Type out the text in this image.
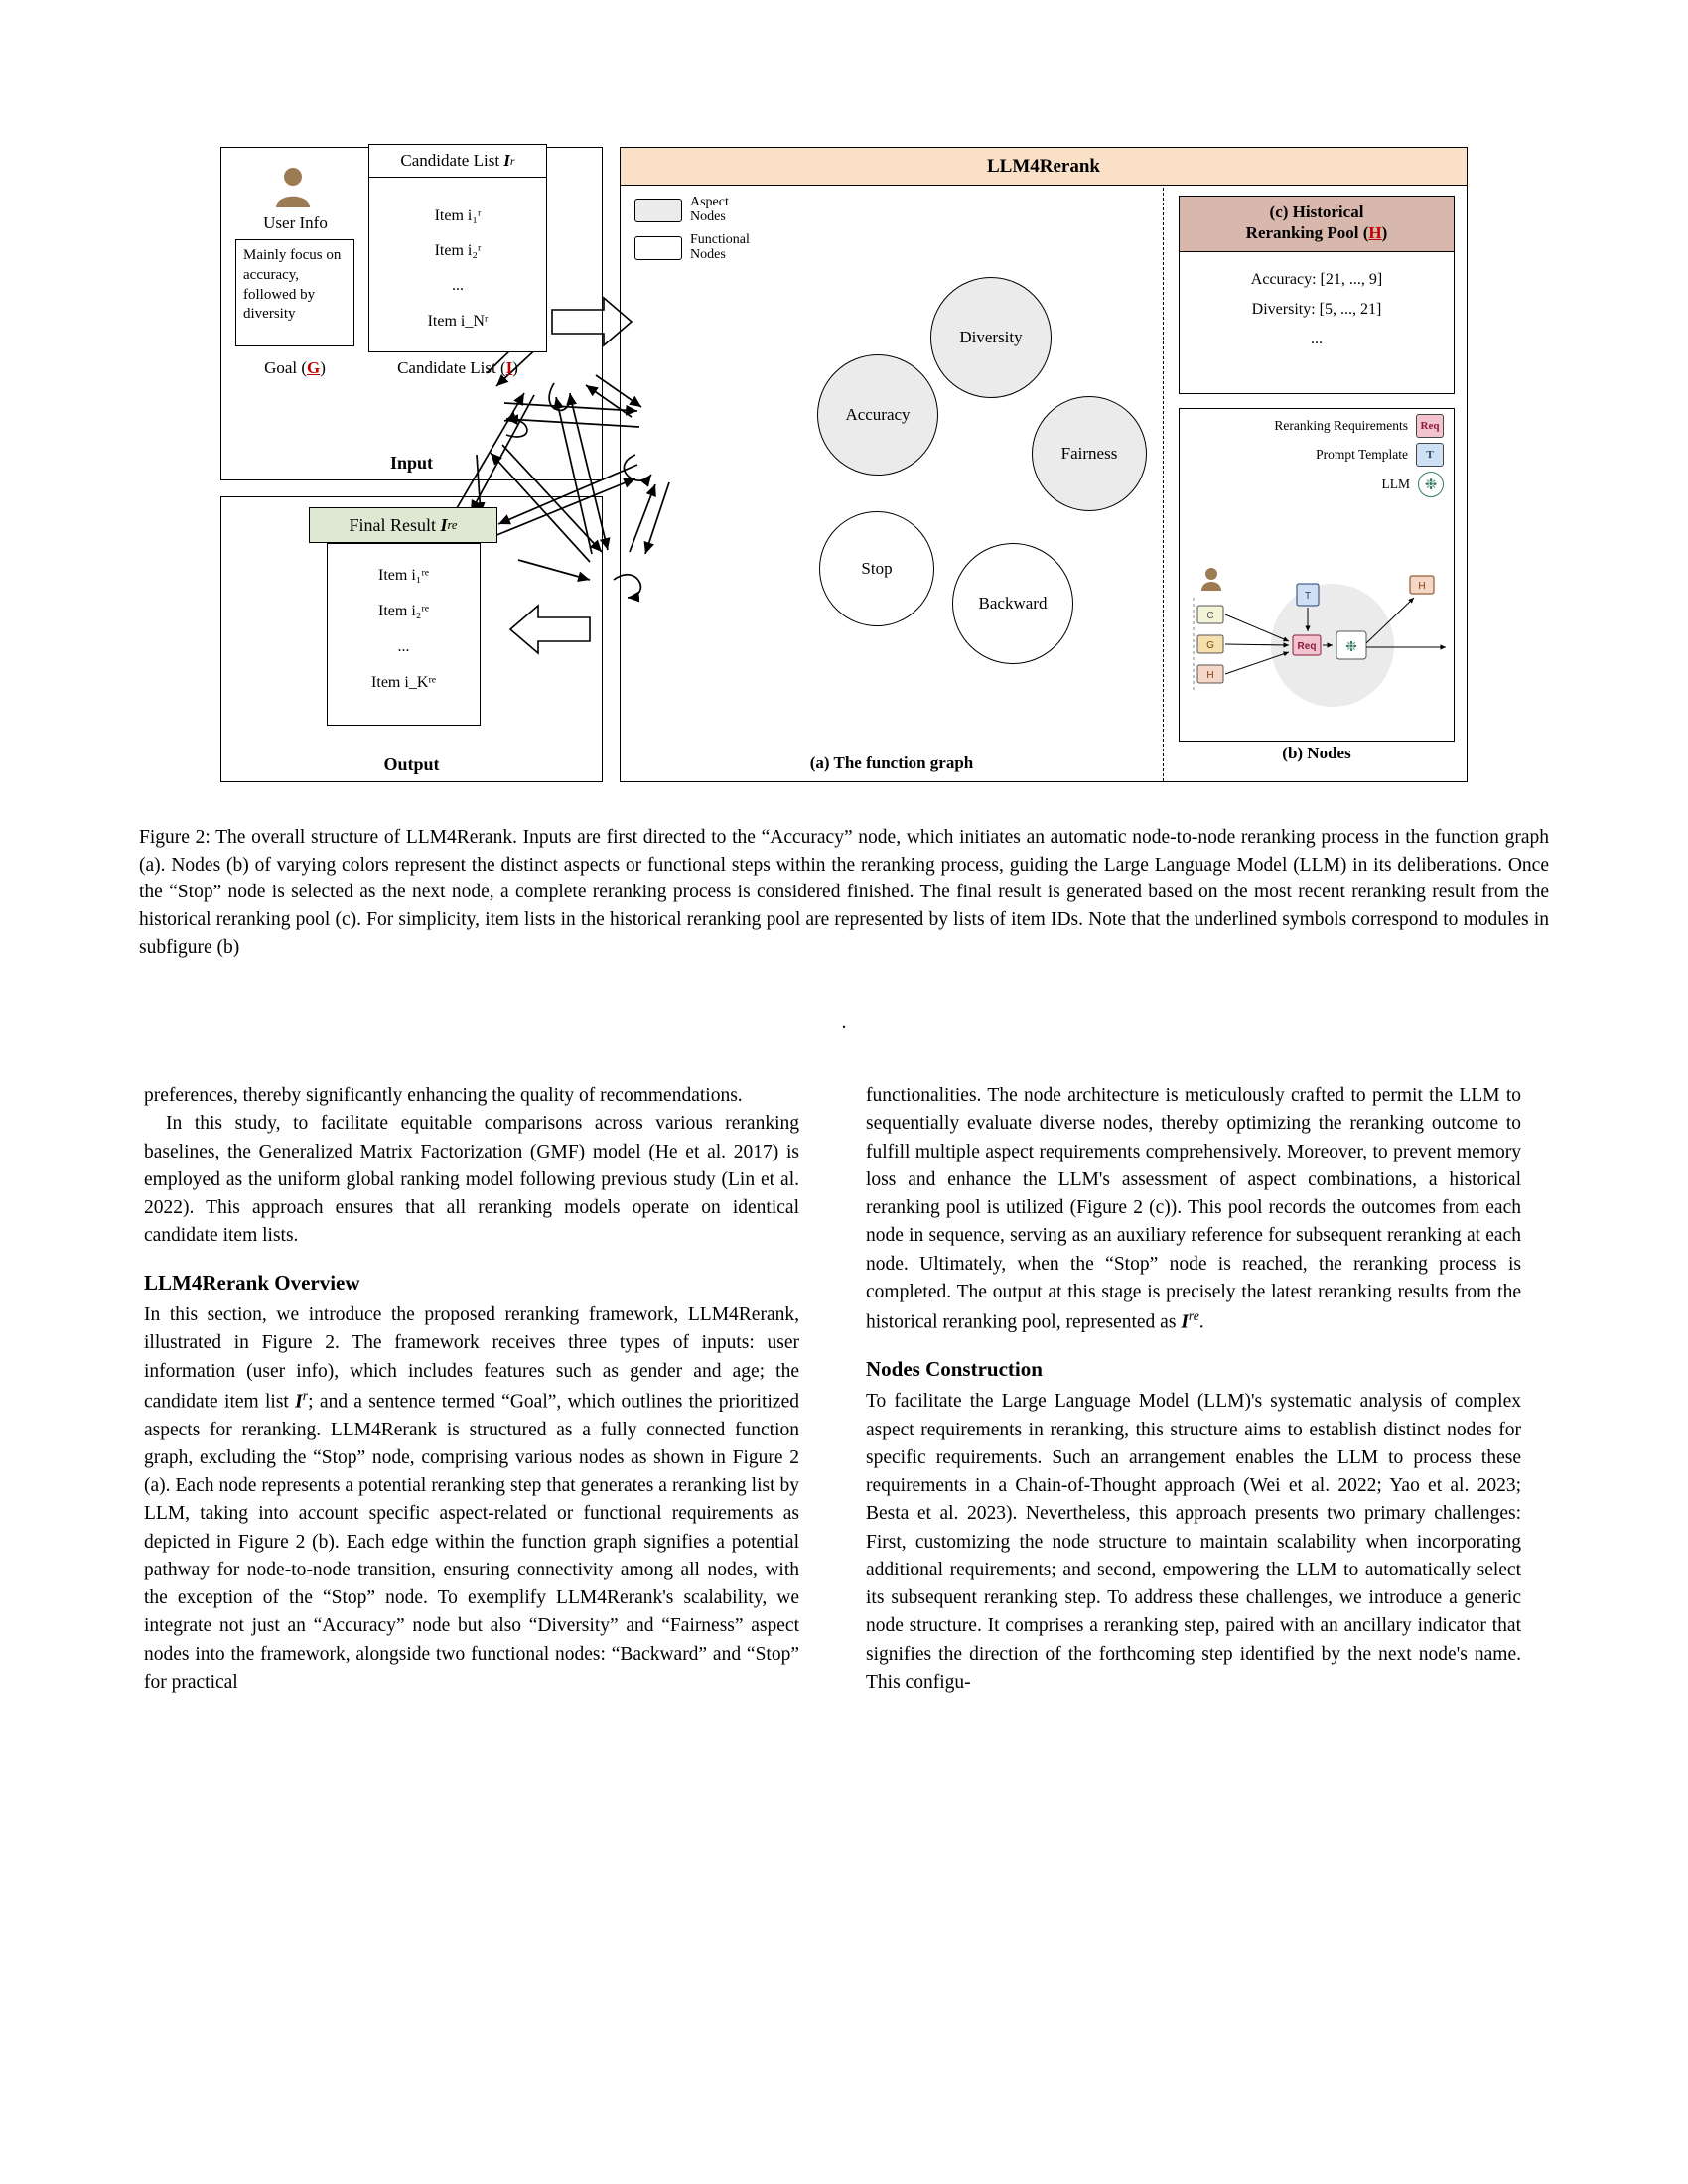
User Info
Mainly focus on accuracy, followed by diversity
Goal (G)
Item i₁ʳ
Item i₂ʳ
...
Item i_Nʳ
Candidate List
I r
Candidate List (I)
Input
Item i₁ʳᵉ
Item i₂ʳᵉ
...
Item i_Kʳᵉ
Final Result
I re
Output
LLM4Rerank
Aspect
Nodes
Functional
Nodes
Accuracy
Diversity
Fairness
Stop
Backward
(a) The function graph
(c) Historical
Reranking Pool (H)
Accuracy: [21, ..., 9]
Diversity: [5, ..., 21]
...
Reranking Requirements	Req
Prompt Template	T
LLM ❉
C
G
H
Req
T
❉
H
(b) Nodes
Figure 2: The overall structure of LLM4Rerank. Inputs are first directed to the “Accuracy” node, which initiates an automatic node-to-node reranking process in the function graph (a). Nodes (b) of varying colors represent the distinct aspects or functional steps within the reranking process, guiding the Large Language Model (LLM) in its deliberations. Once the “Stop” node is selected as the next node, a complete reranking process is considered finished. The final result is generated based on the most recent reranking result from the historical reranking pool (c). For simplicity, item lists in the historical reranking pool are represented by lists of item IDs. Note that the underlined symbols correspond to modules in subfigure (b)
.

preferences, thereby significantly enhancing the quality of recommendations.

In this study, to facilitate equitable comparisons across various reranking baselines, the Generalized Matrix Factorization (GMF) model (He et al. 2017) is employed as the uniform global ranking model following previous study (Lin et al. 2022). This approach ensures that all reranking models operate on identical candidate item lists.

LLM4Rerank Overview

In this section, we introduce the proposed reranking framework, LLM4Rerank, illustrated in Figure 2. The framework receives three types of inputs: user information (user info), which includes features such as gender and age; the candidate item list $I^r$; and a sentence termed “Goal”, which outlines the prioritized aspects for reranking. LLM4Rerank is structured as a fully connected function graph, excluding the “Stop” node, comprising various nodes as shown in Figure 2 (a). Each node represents a potential reranking step that generates a reranking list by LLM, taking into account specific aspect-related or functional requirements as depicted in Figure 2 (b). Each edge within the function graph signifies a potential pathway for node-to-node transition, ensuring connectivity among all nodes, with the exception of the “Stop” node. To exemplify LLM4Rerank's scalability, we integrate not just an “Accuracy” node but also “Diversity” and “Fairness” aspect nodes into the framework, alongside two functional nodes: “Backward” and “Stop” for practical

functionalities. The node architecture is meticulously crafted to permit the LLM to sequentially evaluate diverse nodes, thereby optimizing the reranking outcome to fulfill multiple aspect requirements comprehensively. Moreover, to prevent memory loss and enhance the LLM's assessment of aspect combinations, a historical reranking pool is utilized (Figure 2 (c)). This pool records the outcomes from each node in sequence, serving as an auxiliary reference for subsequent reranking at each node. Ultimately, when the “Stop” node is reached, the reranking process is completed. The output at this stage is precisely the latest reranking results from the historical reranking pool, represented as Ire.

Nodes Construction

To facilitate the Large Language Model (LLM)'s systematic analysis of complex aspect requirements in reranking, this structure aims to establish distinct nodes for specific requirements. Such an arrangement enables the LLM to process these requirements in a Chain-of-Thought approach (Wei et al. 2022; Yao et al. 2023; Besta et al. 2023). Nevertheless, this approach presents two primary challenges: First, customizing the node structure to maintain scalability when incorporating additional requirements; and second, empowering the LLM to automatically select its subsequent reranking step. To address these challenges, we introduce a generic node structure. It comprises a reranking step, paired with an ancillary indicator that signifies the direction of the forthcoming step identified by the next node's name. This configu-
